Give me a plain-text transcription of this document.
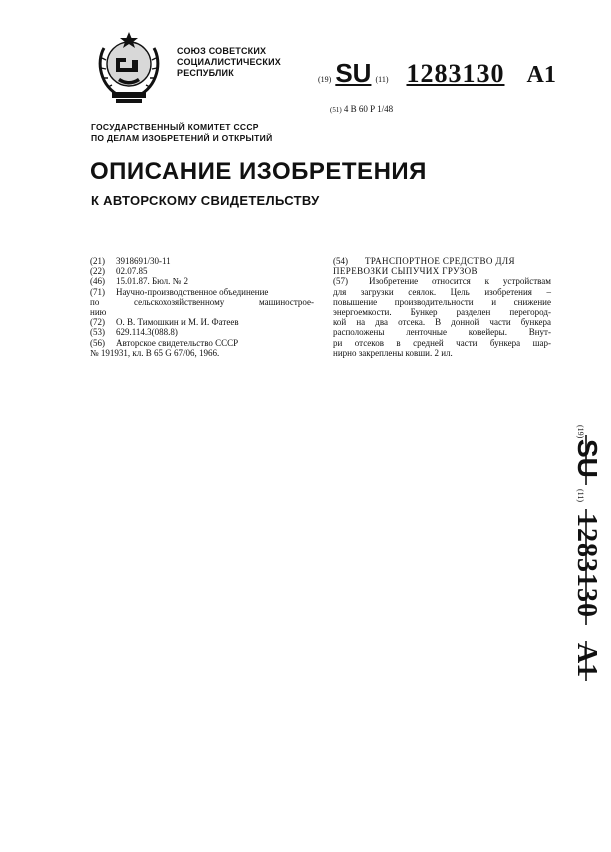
СОЮЗ СОВЕТСКИХ
СОЦИАЛИСТИЧЕСКИХ
РЕСПУБЛИК
(19) SU (11) 1283130 A1
(51) 4 B 60 P 1/48
ГОСУДАРСТВЕННЫЙ КОМИТЕТ СССР
ПО ДЕЛАМ ИЗОБРЕТЕНИЙ И ОТКРЫТИЙ
ОПИСАНИЕ ИЗОБРЕТЕНИЯ
К АВТОРСКОМУ СВИДЕТЕЛЬСТВУ
(21)	3918691/30-11
(22)	02.07.85
(46)	15.01.87. Бюл. № 2
(71)	Научно-производственное объединение
по сельскохозяйственному машинострое-
нию
(72)	О. В. Тимошкин и М. И. Фатеев
(53)	629.114.3(088.8)
(56)	Авторское свидетельство СССР
№ 191931, кл. В 65 G 67/06, 1966.
(54)	ТРАНСПОРТНОЕ СРЕДСТВО ДЛЯ
ПЕРЕВОЗКИ СЫПУЧИХ ГРУЗОВ
(57)	Изобретение относится к устройствам
для загрузки сеялок. Цель изобретения –
повышение производительности и снижение
энергоемкости. Бункер разделен перегород-
кой на два отсека. В донной части бункера
расположены ленточные ковейеры. Внут-
ри отсеков в средней части бункера шар-
нирно закреплены ковши. 2 ил.
(19)
SU
(11)
1283130
A1
